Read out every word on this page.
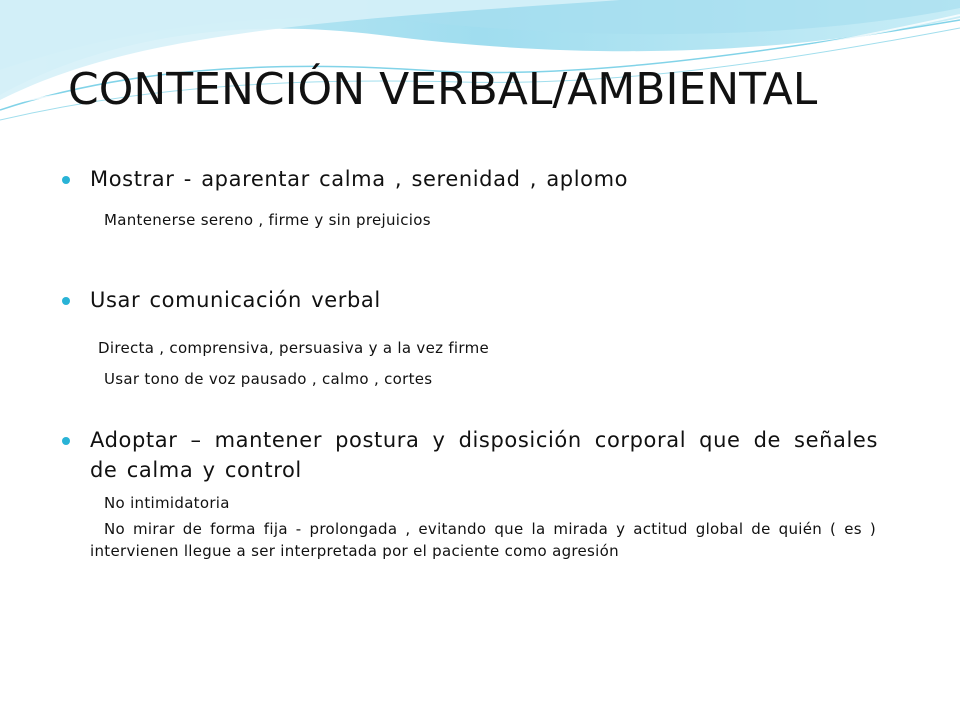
CONTENCIÓN VERBAL/AMBIENTAL
Mostrar - aparentar calma , serenidad , aplomo
Mantenerse sereno , firme y sin prejuicios
Usar comunicación verbal
Directa , comprensiva, persuasiva y a la vez firme
Usar tono de voz pausado , calmo , cortes
Adoptar – mantener postura y disposición corporal que de señales de calma y control
No intimidatoria
No mirar de forma fija - prolongada , evitando que la mirada y actitud global de quién ( es ) intervienen llegue a ser interpretada por el paciente como agresión
